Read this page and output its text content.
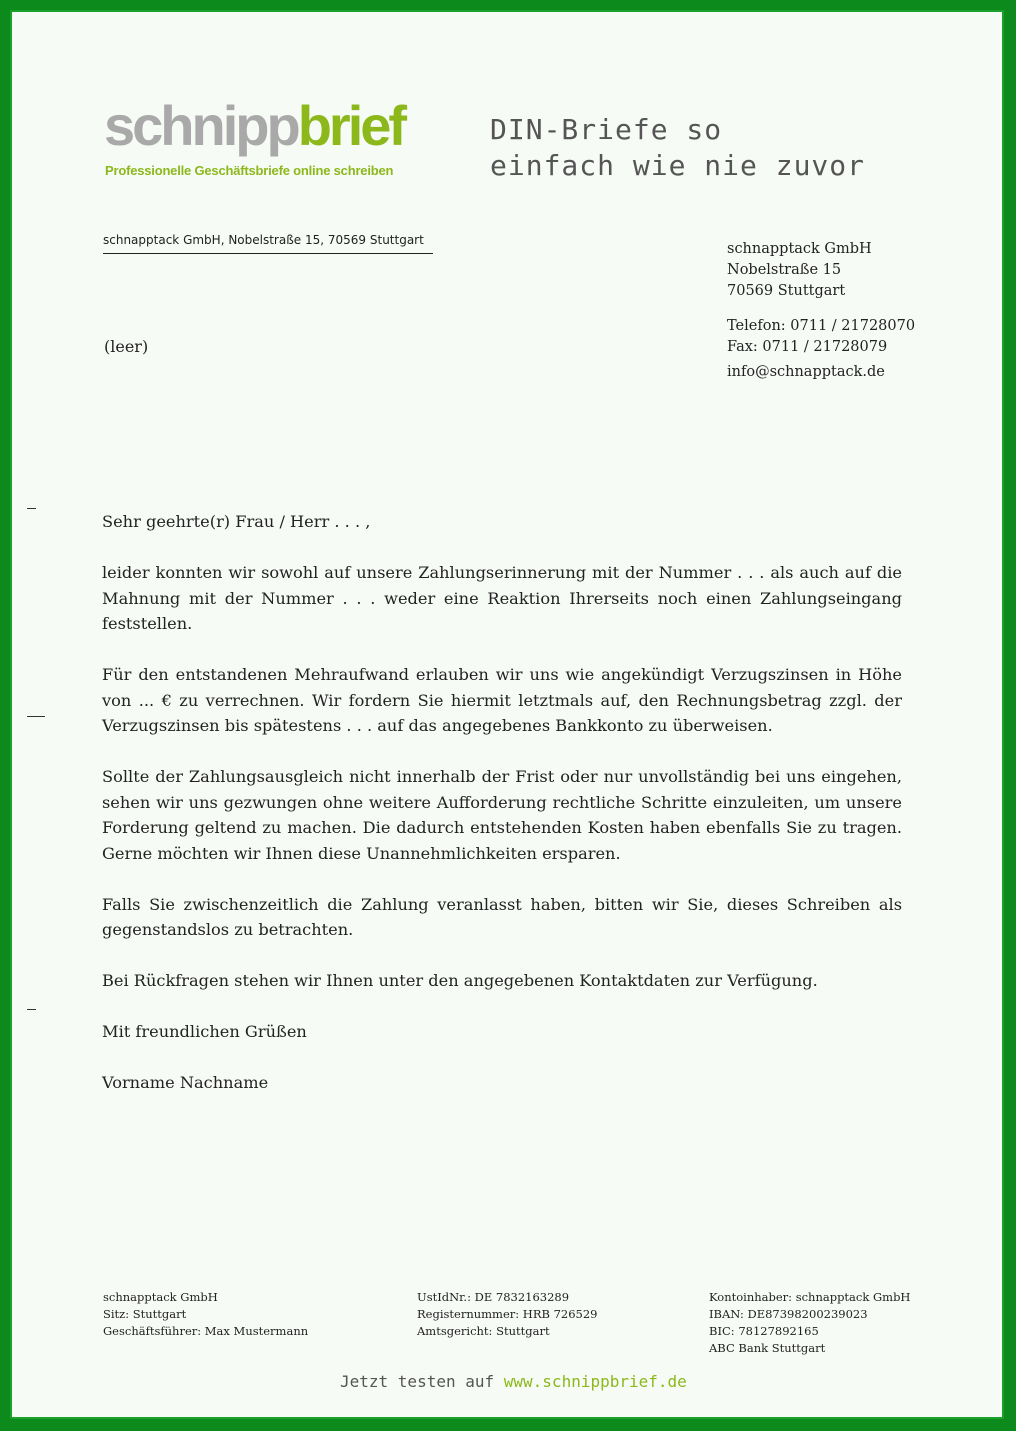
schnippbrief
Professionelle Geschäftsbriefe online schreiben
DIN-Briefe so
einfach wie nie zuvor
schnapptack GmbH, Nobelstraße 15, 70569 Stuttgart
(leer)
schnapptack GmbH
Nobelstraße 15
70569 Stuttgart
Telefon: 0711 / 21728070
Fax: 0711 / 21728079
info@schnapptack.de

Sehr geehrte(r) Frau / Herr . . . ,

leider konnten wir sowohl auf unsere Zahlungserinnerung mit der Nummer . . . als auch auf die Mahnung mit der Nummer . . . weder eine Reaktion Ihrerseits noch einen Zahlungseingang feststellen.

Für den entstandenen Mehraufwand erlauben wir uns wie angekündigt Verzugszinsen in Höhe von ... € zu verrechnen. Wir fordern Sie hiermit letztmals auf, den Rechnungsbetrag zzgl. der Verzugszinsen bis spätestens . . . auf das angegebenes Bankkonto zu überweisen.

Sollte der Zahlungsausgleich nicht innerhalb der Frist oder nur unvollständig bei uns eingehen, sehen wir uns gezwungen ohne weitere Aufforderung rechtliche Schritte einzuleiten, um unsere Forderung geltend zu machen. Die dadurch entstehenden Kosten haben ebenfalls Sie zu tragen. Gerne möchten wir Ihnen diese Unannehmlichkeiten ersparen.

Falls Sie zwischenzeitlich die Zahlung veranlasst haben, bitten wir Sie, dieses Schreiben als gegenstandslos zu betrachten.

Bei Rückfragen stehen wir Ihnen unter den angegebenen Kontaktdaten zur Verfügung.

Mit freundlichen Grüßen

Vorname Nachname

schnapptack GmbH
Sitz: Stuttgart
Geschäftsführer: Max Mustermann
UstIdNr.: DE 7832163289
Registernummer: HRB 726529
Amtsgericht: Stuttgart
Kontoinhaber: schnapptack GmbH
IBAN: DE87398200239023
BIC: 78127892165
ABC Bank Stuttgart
Jetzt testen auf www.schnippbrief.de
